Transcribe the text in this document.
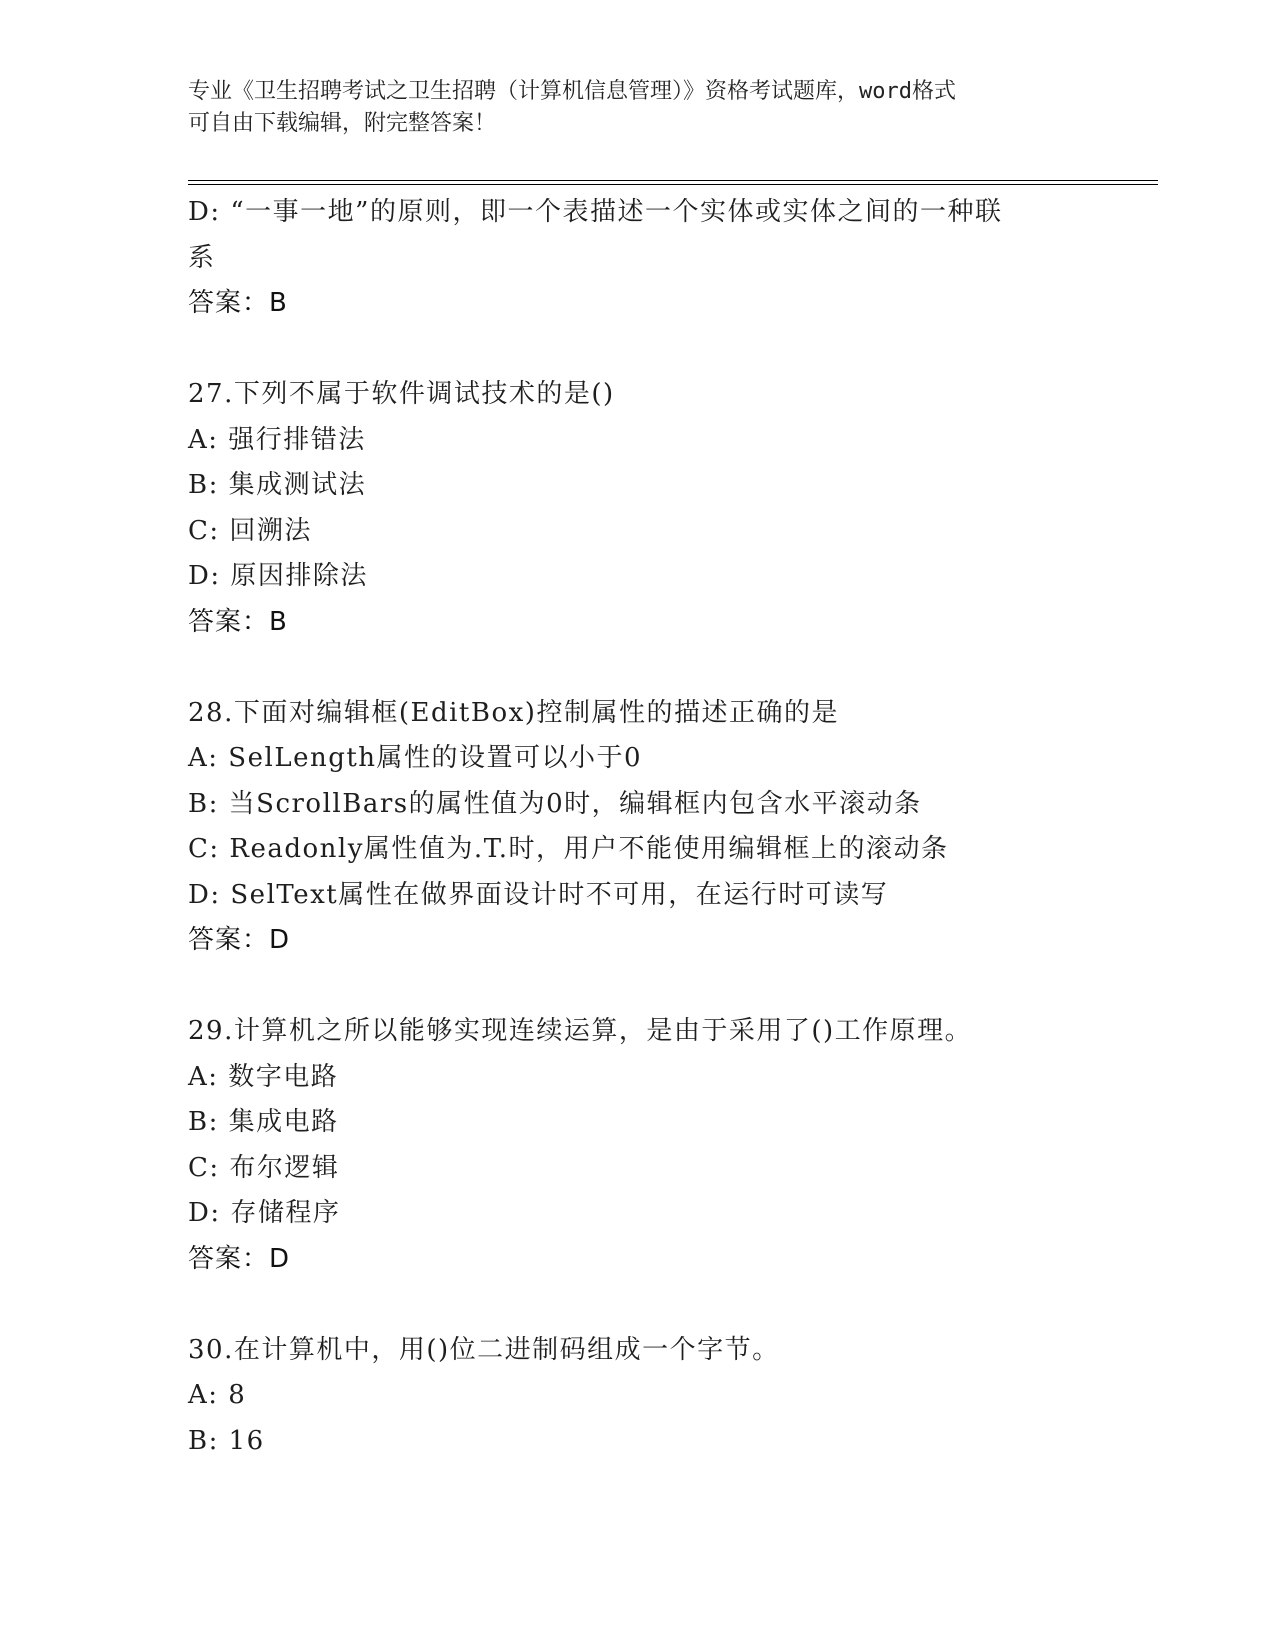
专业《卫生招聘考试之卫生招聘（计算机信息管理）》资格考试题库，word格式
可自由下载编辑，附完整答案！
D: “一事一地”的原则，即一个表描述一个实体或实体之间的一种联
系
答案：B
27.下列不属于软件调试技术的是()
A: 强行排错法
B: 集成测试法
C: 回溯法
D: 原因排除法
答案：B
28.下面对编辑框(EditBox)控制属性的描述正确的是
A: SelLength属性的设置可以小于0
B: 当ScrollBars的属性值为0时，编辑框内包含水平滚动条
C: Readonly属性值为.T.时，用户不能使用编辑框上的滚动条
D: SelText属性在做界面设计时不可用，在运行时可读写
答案：D
29.计算机之所以能够实现连续运算，是由于采用了()工作原理。
A: 数字电路
B: 集成电路
C: 布尔逻辑
D: 存储程序
答案：D
30.在计算机中，用()位二进制码组成一个字节。
A: 8
B: 16
